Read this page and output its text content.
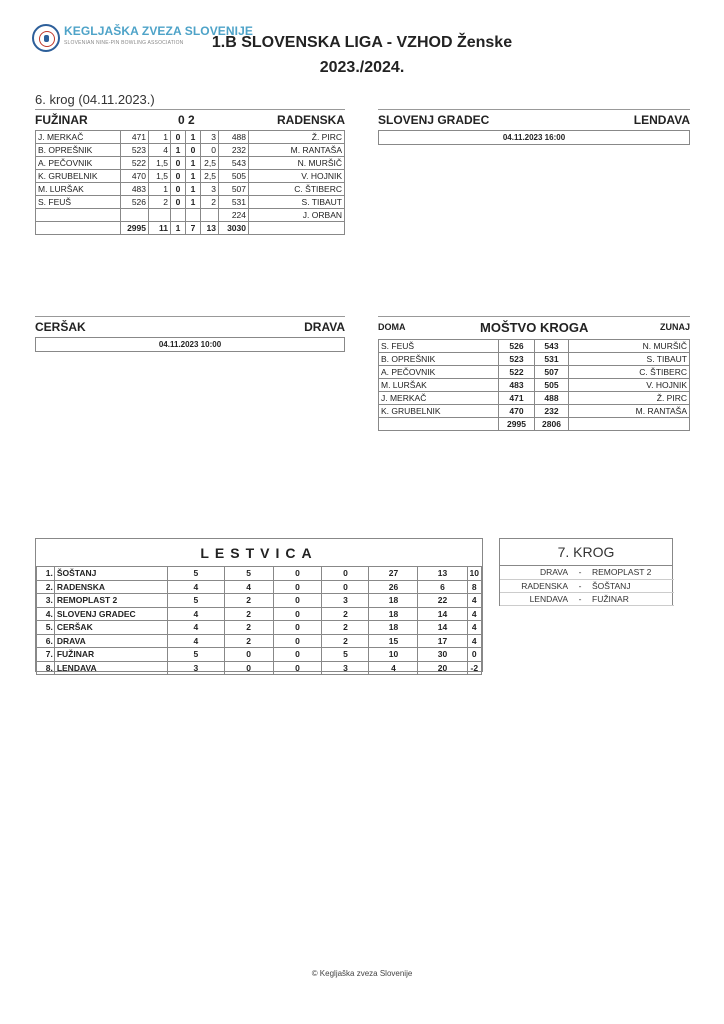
KEGLJAŠKA ZVEZA SLOVENIJE
SLOVENIAN NINE-PIN BOWLING ASSOCIATION	1.B SLOVENSKA LIGA - VZHOD Ženske
2023./2024.
6. krog (04.11.2023.)
FUŽINAR	0 2	RADENSKA
J. MERKAČ	471	1	0	1	3	488	Ž. PIRC
B. OPREŠNIK	523	4	1	0	0	232	M. RANTAŠA
A. PEČOVNIK	522	1,5	0	1	2,5	543	N. MURŠIČ
K. GRUBELNIK	470	1,5	0	1	2,5	505	V. HOJNIK
M. LURŠAK	483	1	0	1	3	507	C. ŠTIBERC
S. FEUŠ	526	2	0	1	2	531	S. TIBAUT
						224	J. ORBAN
	2995	11	1	7	13	3030	
SLOVENJ GRADEC	LENDAVA
04.11.2023 16:00
CERŠAK	DRAVA
04.11.2023 10:00
DOMA	MOŠTVO KROGA	ZUNAJ
S. FEUŠ	526	543	N. MURŠIČ
B. OPREŠNIK	523	531	S. TIBAUT
A. PEČOVNIK	522	507	C. ŠTIBERC
M. LURŠAK	483	505	V. HOJNIK
J. MERKAČ	471	488	Ž. PIRC
K. GRUBELNIK	470	232	M. RANTAŠA
	2995	2806	
LESTVICA
1.	ŠOŠTANJ	5	5	0	0	27	13	10
2.	RADENSKA	4	4	0	0	26	6	8
3.	REMOPLAST 2	5	2	0	3	18	22	4
4.	SLOVENJ GRADEC	4	2	0	2	18	14	4
5.	CERŠAK	4	2	0	2	18	14	4
6.	DRAVA	4	2	0	2	15	17	4
7.	FUŽINAR	5	0	0	5	10	30	0
8.	LENDAVA	3	0	0	3	4	20	-2
7. KROG
DRAVA	-	REMOPLAST 2
RADENSKA	-	ŠOŠTANJ
LENDAVA	-	FUŽINAR
© Kegljaška zveza Slovenije
